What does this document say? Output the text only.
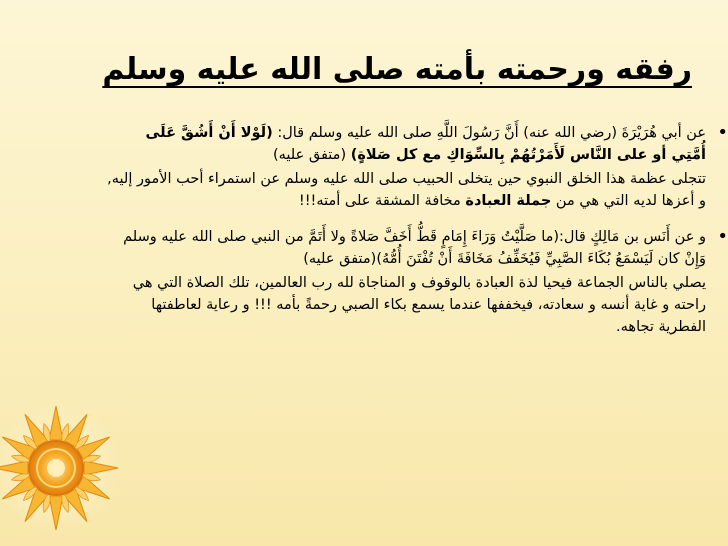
رفقه ورحمته بأمته صلى الله عليه وسلم

•
عن أبي هُرَيْرَةَ (رضي الله عنه) أَنَّ رَسُولَ اللَّهِ صلى الله عليه وسلم قال: (لَوْلا أَنْ أَشُقَّ عَلَى أُمَّتِي أو على النَّاس لَأَمَرْتُهُمْ بِالسِّوَاكِ مع كل صَلاةٍ) (متفق عليه)

تتجلى عظمة هذا الخلق النبوي حين يتخلى الحبيب صلى الله عليه وسلم عن استمراء أحب الأمور إليه, و أعزها لديه التي هي من جملة العبادة مخافة المشقة على أمته!!!

•
و عن أَنَس بن مَالِكٍ قال:(ما صَلَّيْتُ وَرَاءَ إِمَامٍ قَطُّ أَخَفَّ صَلاةً ولا أَتَمَّ من النبي صلى الله عليه وسلم وَإِنْ كان لَيَسْمَعُ بُكَاءَ الصَّبِيِّ فَيُخَفِّفُ مَخَافَةَ أَنْ تُفْتَنَ أُمُّهُ)(متفق عليه)

يصلي بالناس الجماعة فيحيا لذة العبادة بالوقوف و المناجاة لله رب العالمين، تلك الصلاة التي هي راحته و غاية أنسه و سعادته، فيخففها عندما يسمع بكاء الصبي رحمةً بأمه !!! و رعاية لعاطفتها الفطرية تجاهه.
